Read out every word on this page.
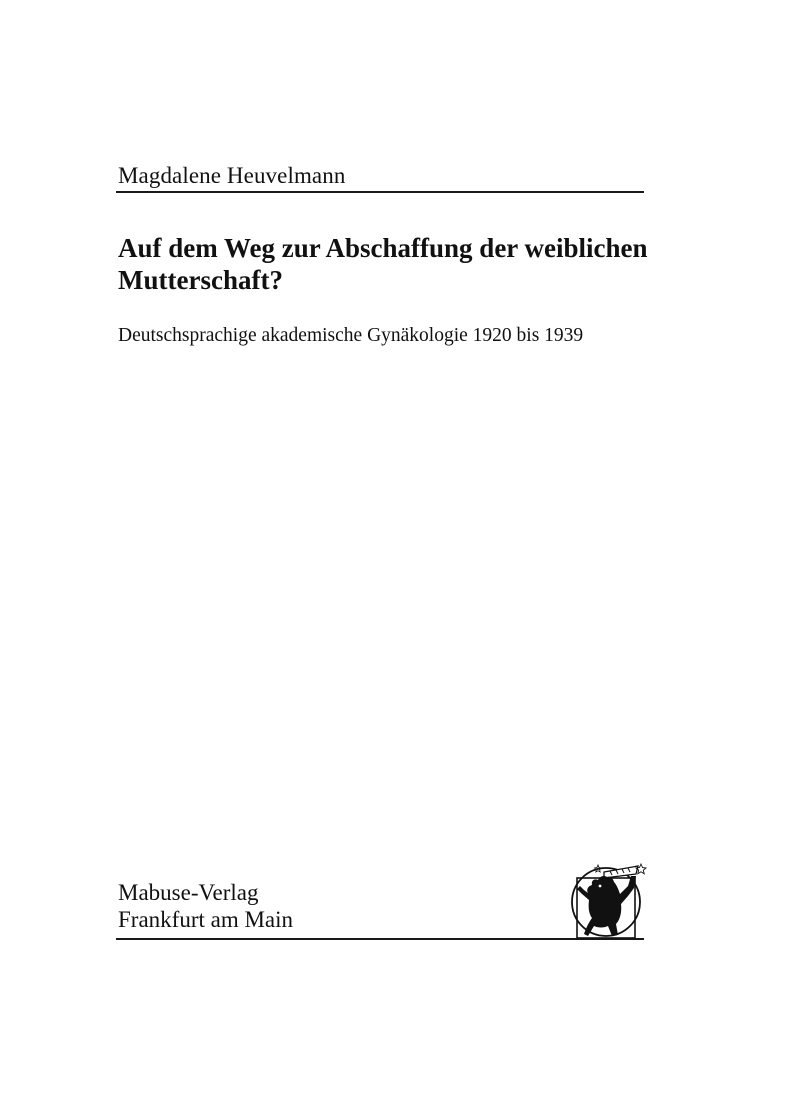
Magdalene Heuvelmann
Auf dem Weg zur Abschaffung der weiblichen
Mutterschaft?
Deutschsprachige akademische Gynäkologie 1920 bis 1939
Mabuse-Verlag
Frankfurt am Main
